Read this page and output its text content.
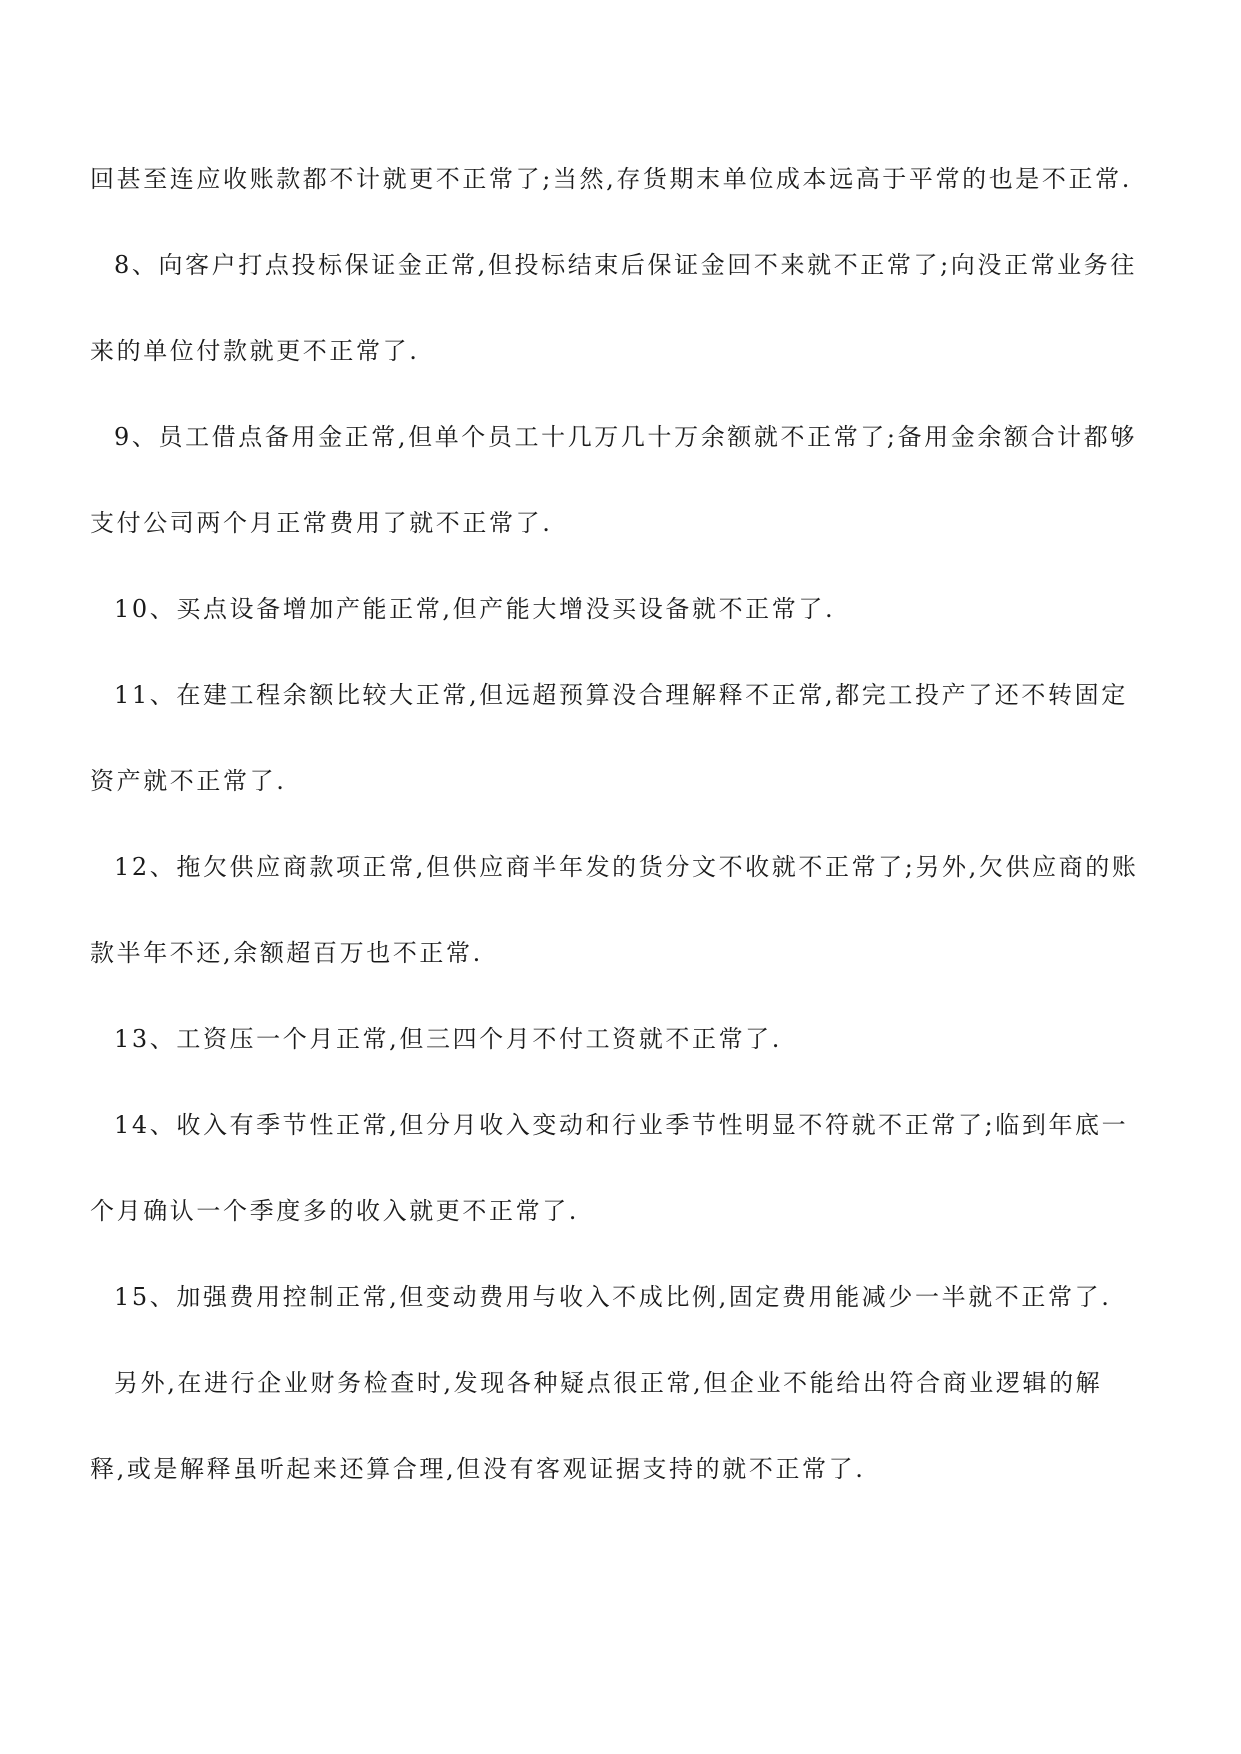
回甚至连应收账款都不计就更不正常了;当然,存货期末单位成本远高于平常的也是不正常.
8、向客户打点投标保证金正常,但投标结束后保证金回不来就不正常了;向没正常业务往
来的单位付款就更不正常了.
9、员工借点备用金正常,但单个员工十几万几十万余额就不正常了;备用金余额合计都够
支付公司两个月正常费用了就不正常了.
10、买点设备增加产能正常,但产能大增没买设备就不正常了.
11、在建工程余额比较大正常,但远超预算没合理解释不正常,都完工投产了还不转固定
资产就不正常了.
12、拖欠供应商款项正常,但供应商半年发的货分文不收就不正常了;另外,欠供应商的账
款半年不还,余额超百万也不正常.
13、工资压一个月正常,但三四个月不付工资就不正常了.
14、收入有季节性正常,但分月收入变动和行业季节性明显不符就不正常了;临到年底一
个月确认一个季度多的收入就更不正常了.
15、加强费用控制正常,但变动费用与收入不成比例,固定费用能减少一半就不正常了.
另外,在进行企业财务检查时,发现各种疑点很正常,但企业不能给出符合商业逻辑的解
释,或是解释虽听起来还算合理,但没有客观证据支持的就不正常了.
